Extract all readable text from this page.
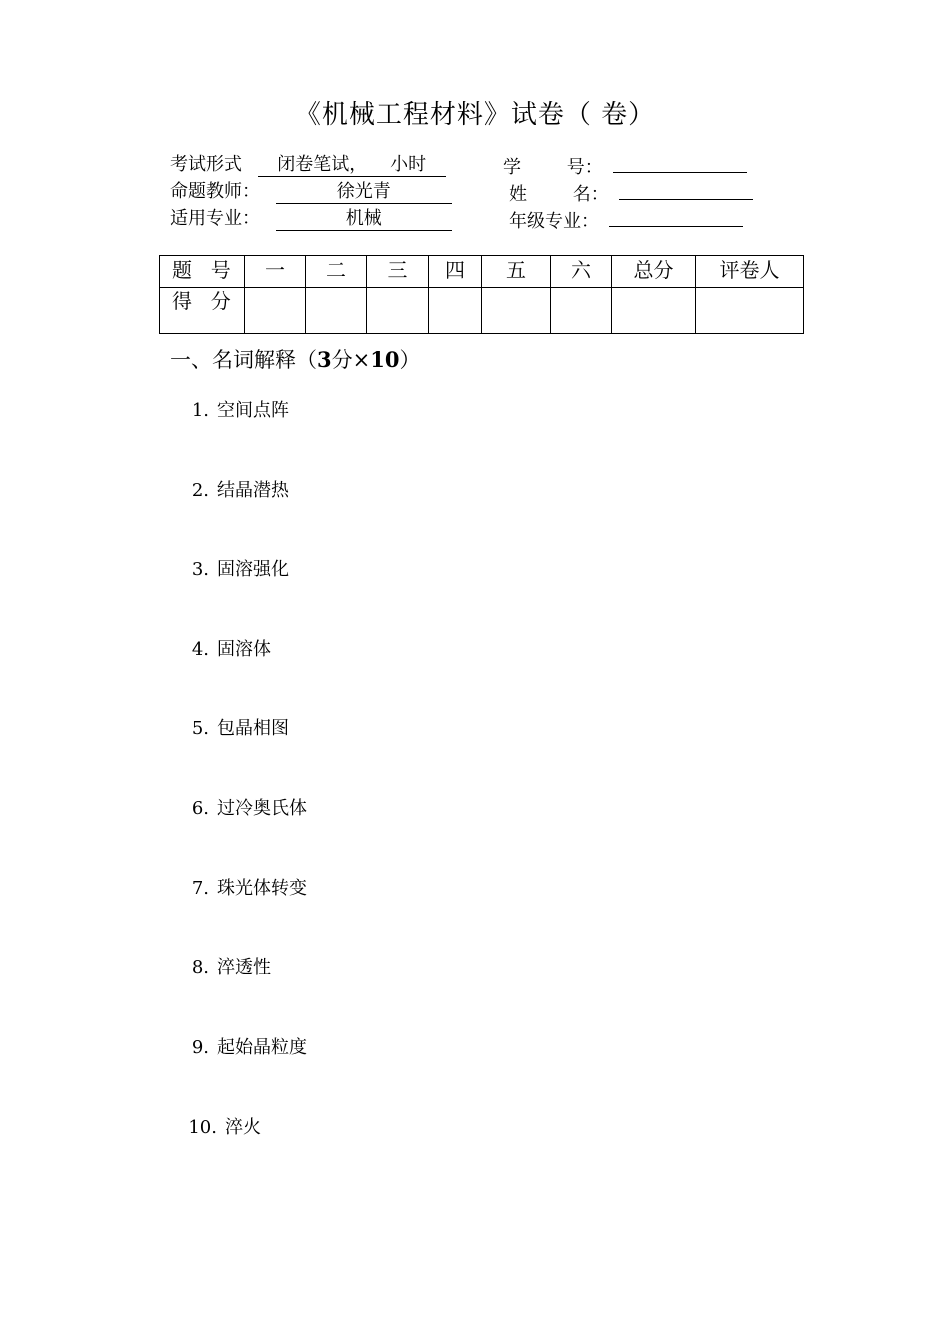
《机械工程材料》试卷（ 卷）
考试形式 闭卷笔试，    小时
命题教师：	徐光青
适用专业：	机械
学        号：
姓        名：
年级专业：
题  号	一	二	三	四	五	六	总分	评卷人
得  分								
一、名词解释（3分×10）
1. 空间点阵
2. 结晶潜热
3. 固溶强化
4. 固溶体
5. 包晶相图
6. 过冷奥氏体
7. 珠光体转变
8. 淬透性
9. 起始晶粒度
10. 淬火
